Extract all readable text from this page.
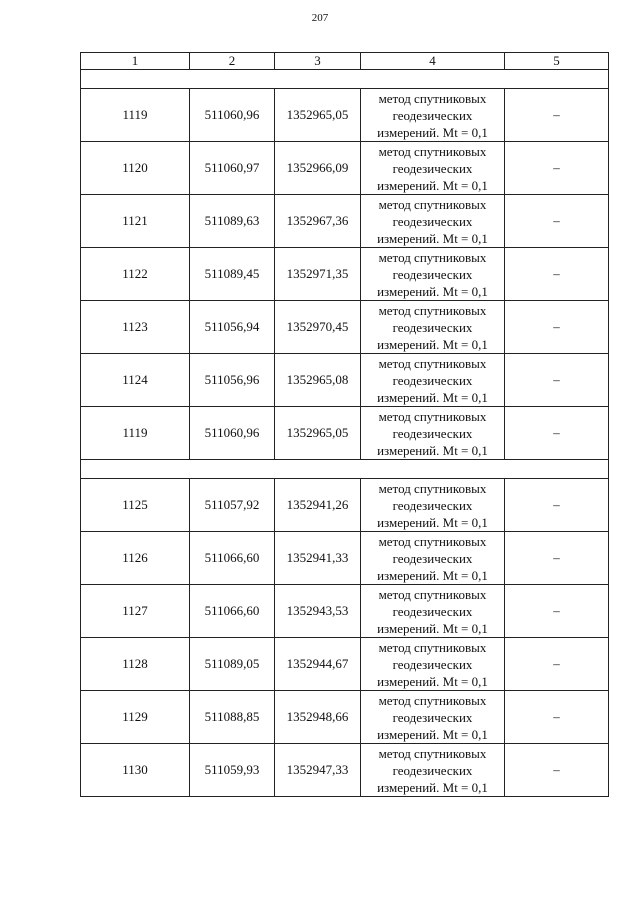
207
1	2	3	4	5

1119	511060,96	1352965,05	метод спутниковых
геодезических
измерений. Mt = 0,1	–
1120	511060,97	1352966,09	метод спутниковых
геодезических
измерений. Mt = 0,1	–
1121	511089,63	1352967,36	метод спутниковых
геодезических
измерений. Mt = 0,1	–
1122	511089,45	1352971,35	метод спутниковых
геодезических
измерений. Mt = 0,1	–
1123	511056,94	1352970,45	метод спутниковых
геодезических
измерений. Mt = 0,1	–
1124	511056,96	1352965,08	метод спутниковых
геодезических
измерений. Mt = 0,1	–
1119	511060,96	1352965,05	метод спутниковых
геодезических
измерений. Mt = 0,1	–

1125	511057,92	1352941,26	метод спутниковых
геодезических
измерений. Mt = 0,1	–
1126	511066,60	1352941,33	метод спутниковых
геодезических
измерений. Mt = 0,1	–
1127	511066,60	1352943,53	метод спутниковых
геодезических
измерений. Mt = 0,1	–
1128	511089,05	1352944,67	метод спутниковых
геодезических
измерений. Mt = 0,1	–
1129	511088,85	1352948,66	метод спутниковых
геодезических
измерений. Mt = 0,1	–
1130	511059,93	1352947,33	метод спутниковых
геодезических
измерений. Mt = 0,1	–
